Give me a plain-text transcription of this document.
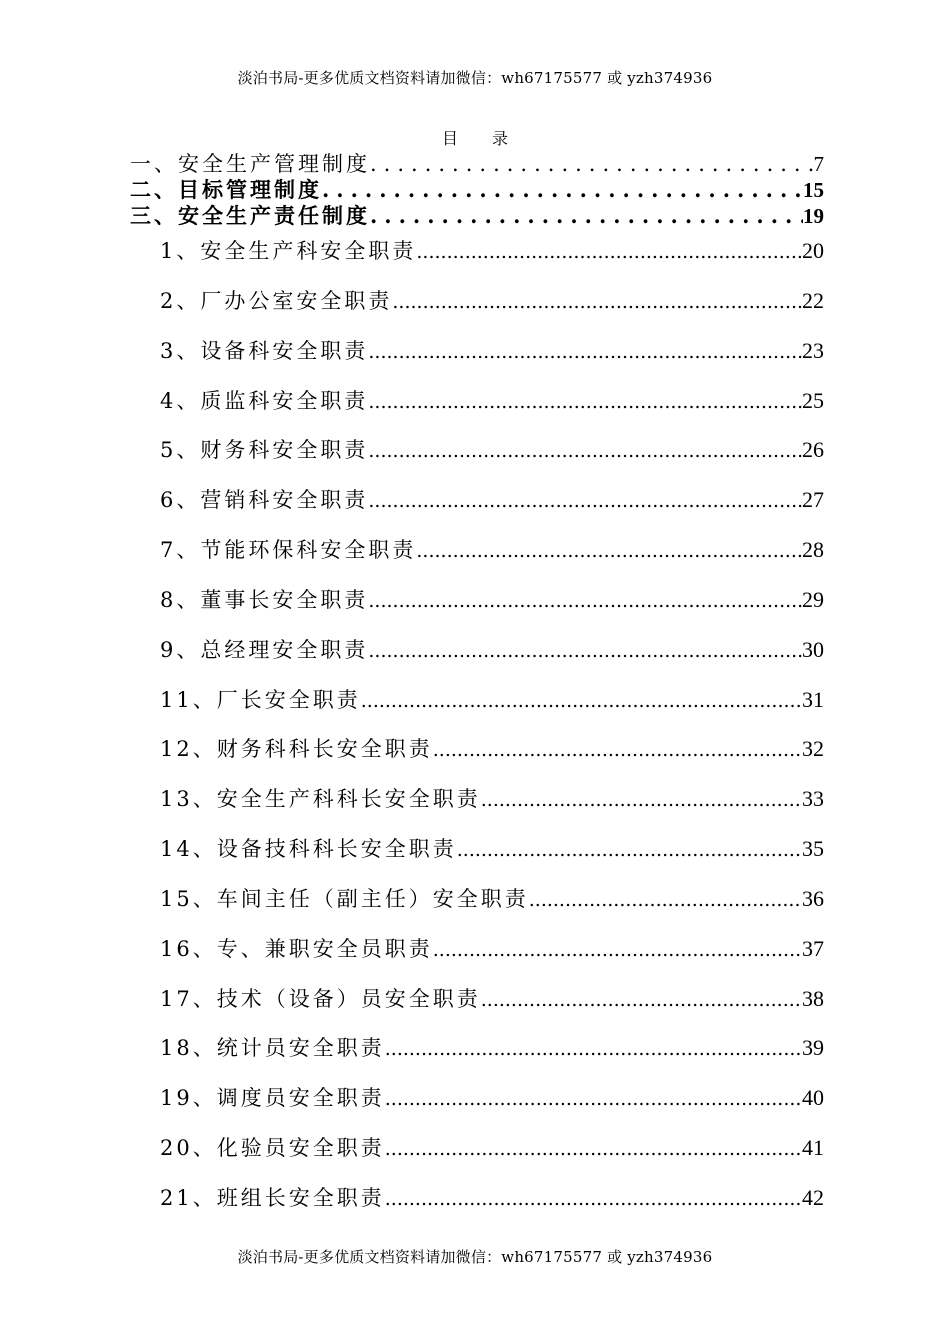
淡泊书局-更多优质文档资料请加微信：wh67175577 或 yzh374936
目录
一、安全生产管理制度 .....	7
二、目标管理制度 .....	15
三、安全生产责任制度 .....	19
1、安全生产科安全职责 .....	20
2、厂办公室安全职责 .....	22
3、设备科安全职责 .....	23
4、质监科安全职责 .....	25
5、财务科安全职责 .....	26
6、营销科安全职责 .....	27
7、节能环保科安全职责 .....	28
8、董事长安全职责 .....	29
9、总经理安全职责 .....	30
11、厂长安全职责 .....	31
12、财务科科长安全职责 .....	32
13、安全生产科科长安全职责 .....	33
14、设备技科科长安全职责 .....	35
15、车间主任（副主任）安全职责 .....	36
16、专、兼职安全员职责 .....	37
17、技术（设备）员安全职责 .....	38
18、统计员安全职责 .....	39
19、调度员安全职责 .....	40
20、化验员安全职责 .....	41
21、班组长安全职责 .....	42
淡泊书局-更多优质文档资料请加微信：wh67175577 或 yzh374936
